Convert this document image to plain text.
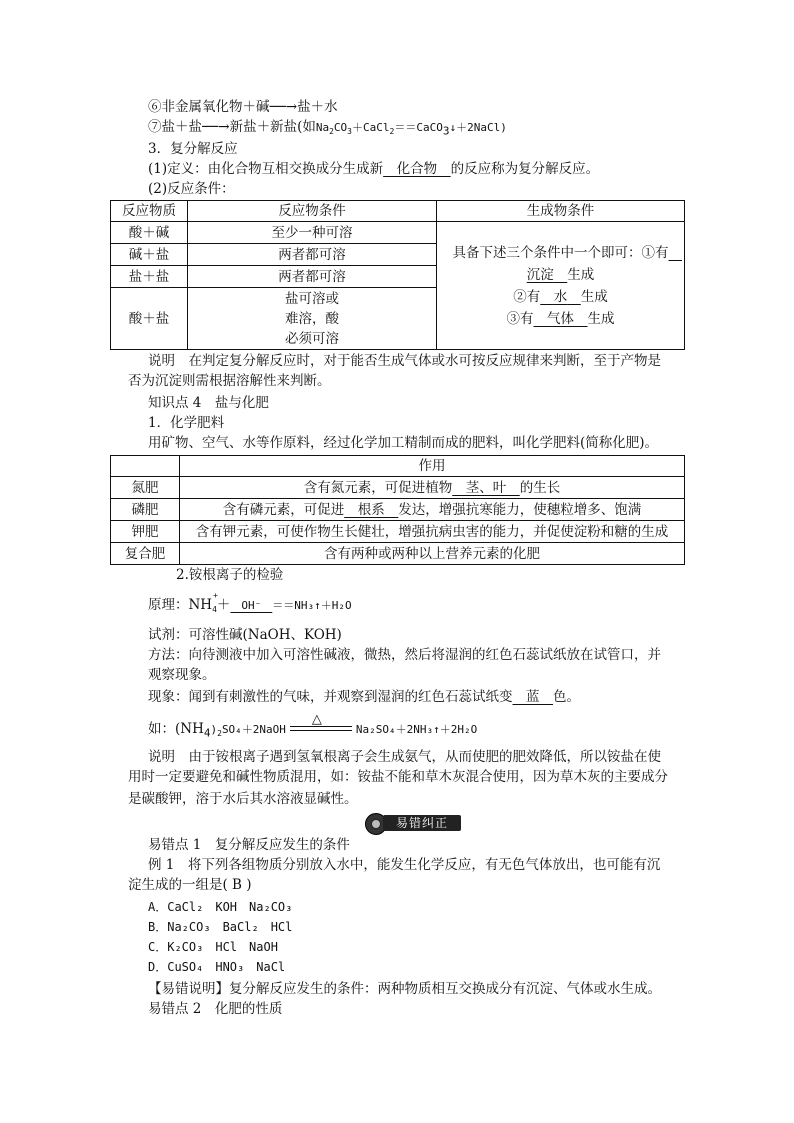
⑥非金属氧化物＋碱──→盐＋水
⑦盐＋盐──→新盐＋新盐(如$Na_2CO_3+CaCl_2==CaCO_3↓+2NaCl$)
3．复分解反应
(1)定义：由化合物互相交换成分生成新　化合物　的反应称为复分解反应。
(2)反应条件：
反应物质	反应物条件	生成物条件
酸＋碱	至少一种可溶	具备下述三个条件中一个即可：①有　
沉淀　 生成
②有　 水　 生成
③有　 气体　 生成

碱＋盐	两者都可溶	
盐＋盐	两者都可溶	
酸＋盐	盐可溶或
难溶，酸
必须可溶	
说明　在判定复分解反应时，对于能否生成气体或水可按反应规律来判断，至于产物是
否为沉淀则需根据溶解性来判断。
知识点 4　盐与化肥
1．化学肥料
用矿物、空气、水等作原料，经过化学加工精制而成的肥料，叫化学肥料(简称化肥)。
	作用
氮肥	含有氮元素，可促进植物　茎、叶　的生长
磷肥	含有磷元素，可促进　根系　发达，增强抗寒能力，使穗粒增多、饱满
钾肥	含有钾元素，可使作物生长健壮，增强抗病虫害的能力，并促使淀粉和糖的生成
复合肥	含有两种或两种以上营养元素的化肥
2.铵根离子的检验
原理：$NH_4$
+
＋　OH⁻　＝＝NH₃↑＋H₂O
试剂：可溶性碱(NaOH、KOH)
方法：向待测液中加入可溶性碱液，微热，然后将湿润的红色石蕊试纸放在试管口，并
观察现象。
现象：闻到有刺激性的气味，并观察到湿润的红色石蕊试纸变　蓝　色。
如：$(NH_4)_2SO_4+2NaOH$
△
Na₂SO₄＋2NH₃↑＋2H₂O
说明　由于铵根离子遇到氢氧根离子会生成氨气，从而使肥的肥效降低，所以铵盐在使
用时一定要避免和碱性物质混用，如：铵盐不能和草木灰混合使用，因为草木灰的主要成分
是碳酸钾，溶于水后其水溶液显碱性。
易错纠正
易错点 1　复分解反应发生的条件
例 1　将下列各组物质分别放入水中，能发生化学反应，有无色气体放出，也可能有沉
淀生成的一组是( B )
A．CaCl₂　KOH　Na₂CO₃
B．Na₂CO₃　BaCl₂　HCl
C．K₂CO₃　HCl　NaOH
D．CuSO₄　HNO₃　NaCl
【易错说明】复分解反应发生的条件：两种物质相互交换成分有沉淀、气体或水生成。
易错点 2　化肥的性质
